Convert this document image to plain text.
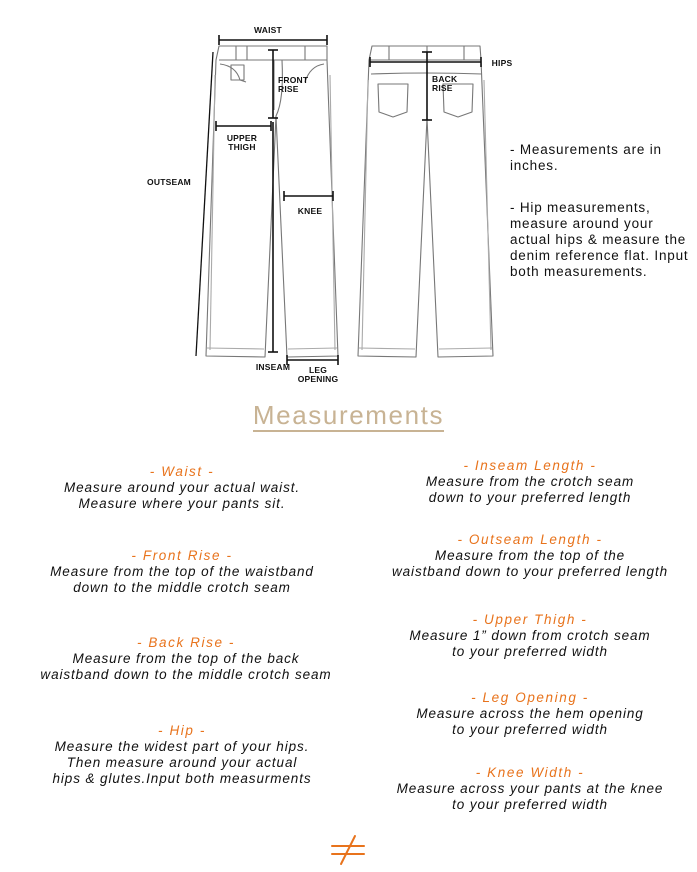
WAIST
HIPS
FRONT
RISE
BACK
RISE
UPPER
THIGH
OUTSEAM
KNEE
INSEAM	LEG
OPENING

- Measurements are in inches.

- Hip measurements, measure around your actual hips & measure the denim reference flat. Input both measurements.

Measurements
- Waist -
Measure around your actual waist.
Measure where your pants sit.
- Front Rise -
Measure from the top of the waistband
down to the middle crotch seam
- Back Rise -
Measure from the top of the back
waistband down to the middle crotch seam
- Hip -
Measure the widest part of your hips.
Then measure around your actual
hips & glutes.Input both measurments
- Inseam Length -
Measure from the crotch seam
down to your preferred length
- Outseam Length -
Measure from the top of the
waistband down to your preferred length
- Upper Thigh -
Measure 1” down from crotch seam
to your preferred width
- Leg Opening -
Measure across the hem opening
to your preferred width
- Knee Width -
Measure across your pants at the knee
to your preferred width
